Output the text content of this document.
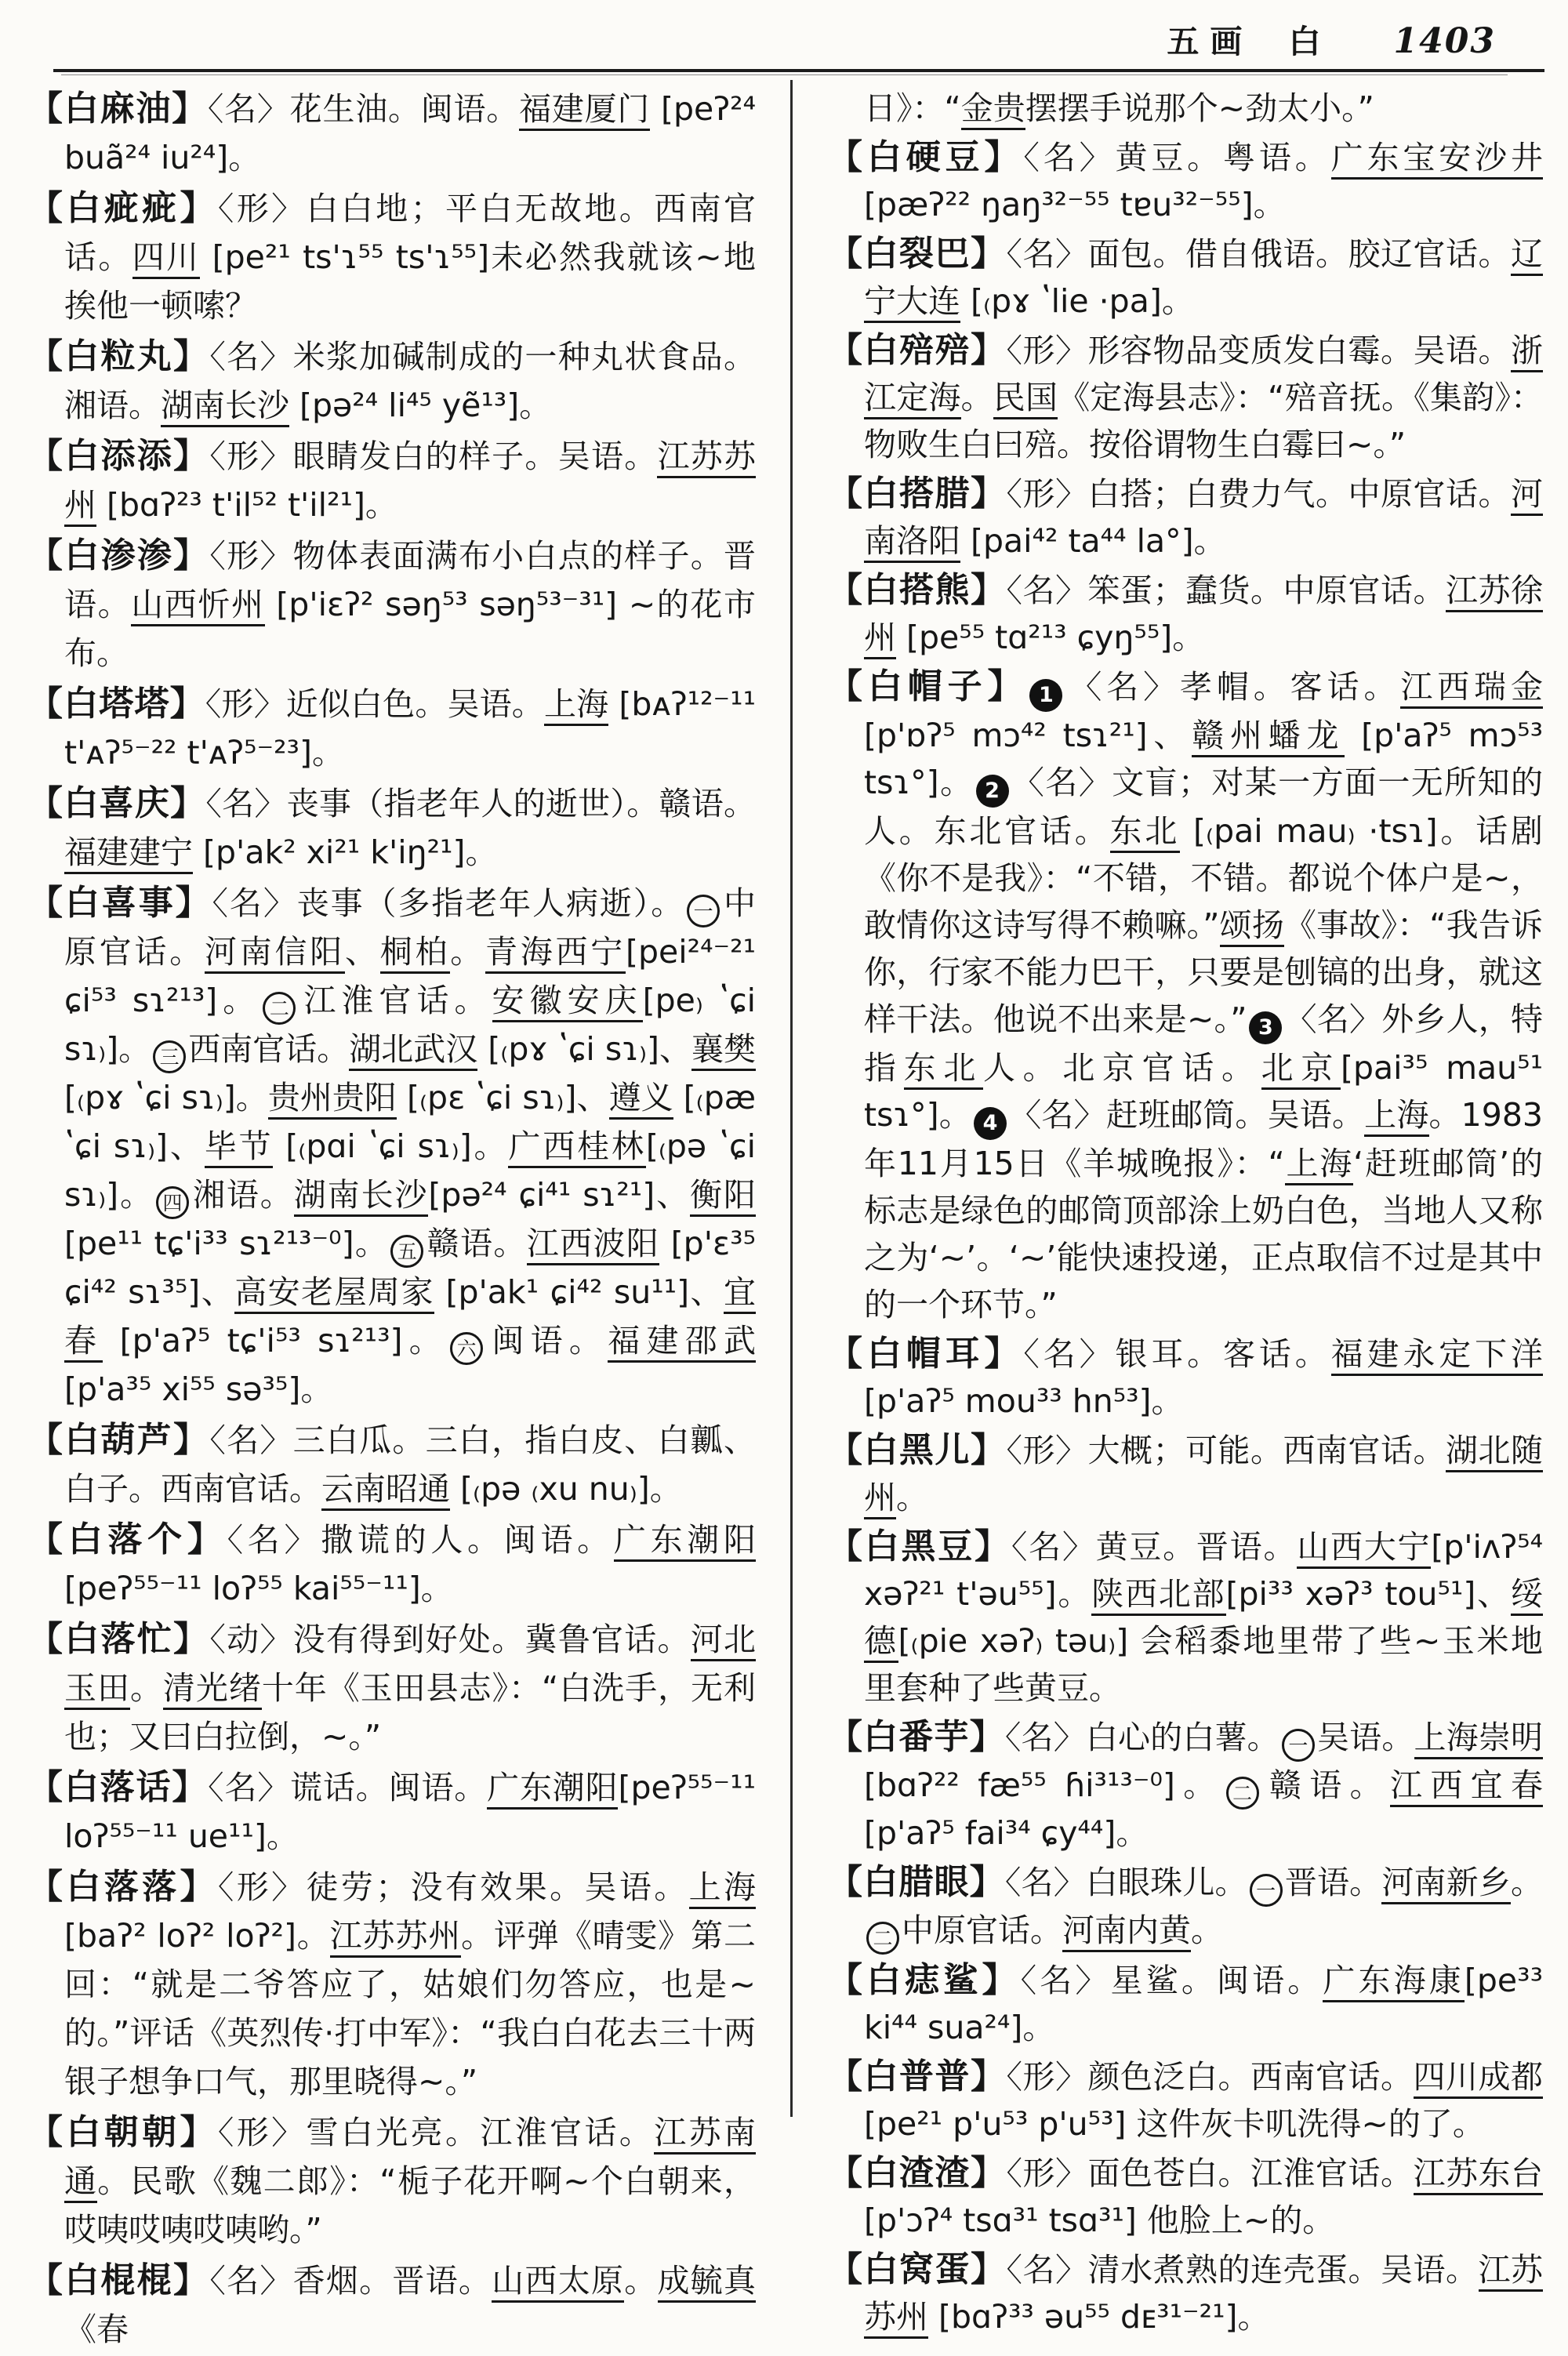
五画 白 1403
【白麻油】〈名〉花生油。闽语。福建厦门 [peʔ²⁴ buã²⁴ iu²⁴]。
【白疵疵】〈形〉白白地；平白无故地。西南官话。四川 [pe²¹ ts'ɿ⁵⁵ ts'ɿ⁵⁵]未必然我就该~地挨他一顿嗦？
【白粒丸】〈名〉米浆加碱制成的一种丸状食品。湘语。湖南长沙 [pə²⁴ li⁴⁵ yẽ¹³]。
【白添添】〈形〉眼睛发白的样子。吴语。江苏苏州 [bɑʔ²³ t'il⁵² t'il²¹]。
【白渗渗】〈形〉物体表面满布小白点的样子。晋语。山西忻州 [p'iɛʔ² səŋ⁵³ səŋ⁵³⁻³¹] ~的花市布。
【白塔塔】〈形〉近似白色。吴语。上海 [bᴀʔ¹²⁻¹¹ t'ᴀʔ⁵⁻²² t'ᴀʔ⁵⁻²³]。
【白喜庆】〈名〉丧事（指老年人的逝世）。赣语。福建建宁 [p'ak² xi²¹ k'iŋ²¹]。
【白喜事】〈名〉丧事（多指老年人病逝）。 一 中原官话。河南信阳、桐柏。青海西宁[pei²⁴⁻²¹ ɕi⁵³ sɿ²¹³]。 二 江淮官话。安徽安庆[pe₎ ʽɕi sɿ₎]。 三 西南官话。湖北武汉 [₍pɤ ʽɕi sɿ₎]、襄樊 [₍pɤ ʽɕi sɿ₎]。贵州贵阳 [₍pɛ ʽɕi sɿ₎]、遵义 [₍pæ ʽɕi sɿ₎]、毕节 [₍pɑi ʽɕi sɿ₎]。广西桂林[₍pə ʽɕi sɿ₎]。 四 湘语。湖南长沙[pə²⁴ ɕi⁴¹ sɿ²¹]、衡阳 [pe¹¹ tɕ'i³³ sɿ²¹³⁻⁰]。 五 赣语。江西波阳 [p'ɛ³⁵ ɕi⁴² sɿ³⁵]、高安老屋周家 [p'ak¹ ɕi⁴² su¹¹]、宜春 [p'aʔ⁵ tɕ'i⁵³ sɿ²¹³]。 六 闽语。福建邵武 [p'a³⁵ xi⁵⁵ sə³⁵]。
【白葫芦】〈名〉三白瓜。三白，指白皮、白瓤、白子。西南官话。云南昭通 [₍pə ₍xu nu₎]。
【白落个】〈名〉撒谎的人。闽语。广东潮阳[peʔ⁵⁵⁻¹¹ loʔ⁵⁵ kai⁵⁵⁻¹¹]。
【白落忙】〈动〉没有得到好处。冀鲁官话。河北玉田。清光绪十年《玉田县志》：“白洗手，无利也；又曰白拉倒，~。”
【白落话】〈名〉谎话。闽语。广东潮阳[peʔ⁵⁵⁻¹¹ loʔ⁵⁵⁻¹¹ ue¹¹]。
【白落落】〈形〉徒劳；没有效果。吴语。上海 [baʔ² loʔ² loʔ²]。江苏苏州。评弹《晴雯》第二回：“就是二爷答应了，姑娘们勿答应，也是~的。”评话《英烈传·打中军》：“我白白花去三十两银子想争口气，那里晓得~。”
【白朝朝】〈形〉雪白光亮。江淮官话。江苏南通。民歌《魏二郎》：“栀子花开啊~个白朝来，哎咦哎咦哎咦哟。”
【白棍棍】〈名〉香烟。晋语。山西太原。成毓真《春
日》：“金贵摆摆手说那个~劲太小。”
【白硬豆】〈名〉黄豆。粤语。广东宝安沙井 [pæʔ²² ŋaŋ³²⁻⁵⁵ tɐu³²⁻⁵⁵]。
【白裂巴】〈名〉面包。借自俄语。胶辽官话。辽宁大连 [₍pɤ ʽlie ·pa]。
【白殕殕】〈形〉形容物品变质发白霉。吴语。浙江定海。民国《定海县志》：“殕音抚。《集韵》：物败生白曰殕。按俗谓物生白霉曰~。”
【白搭腊】〈形〉白搭；白费力气。中原官话。河南洛阳 [pai⁴² ta⁴⁴ la°]。
【白搭熊】〈名〉笨蛋；蠢货。中原官话。江苏徐州 [pe⁵⁵ tɑ²¹³ ɕyŋ⁵⁵]。
【白帽子】 1 〈名〉孝帽。客话。江西瑞金 [p'ɒʔ⁵ mɔ⁴² tsɿ²¹]、赣州蟠龙 [p'aʔ⁵ mɔ⁵³ tsɿ°]。 2 〈名〉文盲；对某一方面一无所知的人。东北官话。东北 [₍pai mau₎ ·tsɿ]。话剧《你不是我》：“不错，不错。都说个体户是~，敢情你这诗写得不赖嘛。”颂扬《事故》：“我告诉你，行家不能力巴干，只要是刨镐的出身，就这样干法。他说不出来是~。” 3 〈名〉外乡人，特指东北人。北京官话。北京[pai³⁵ mau⁵¹ tsɿ°]。 4 〈名〉赶班邮筒。吴语。上海。1983年11月15日《羊城晚报》：“上海‘赶班邮筒’的标志是绿色的邮筒顶部涂上奶白色，当地人又称之为‘~’。‘~’能快速投递，正点取信不过是其中的一个环节。”
【白帽耳】〈名〉银耳。客话。福建永定下洋 [p'aʔ⁵ mou³³ hn⁵³]。
【白黑儿】〈形〉大概；可能。西南官话。湖北随州。
【白黑豆】〈名〉黄豆。晋语。山西大宁[p'iʌʔ⁵⁴ xəʔ²¹ t'əu⁵⁵]。陕西北部[pi³³ xəʔ³ tou⁵¹]、绥德[₍pie xəʔ₎ təu₎] 会稻黍地里带了些~玉米地里套种了些黄豆。
【白番芋】〈名〉白心的白薯。 一 吴语。上海崇明 [bɑʔ²² fæ⁵⁵ ɦi³¹³⁻⁰]。 二 赣语。江西宜春[p'aʔ⁵ fai³⁴ ɕy⁴⁴]。
【白腊眼】〈名〉白眼珠儿。 一 晋语。河南新乡。二 中原官话。河南内黄。
【白痣鲨】〈名〉星鲨。闽语。广东海康[pe³³ ki⁴⁴ sua²⁴]。
【白普普】〈形〉颜色泛白。西南官话。四川成都 [pe²¹ p'u⁵³ p'u⁵³] 这件灰卡叽洗得~的了。
【白渣渣】〈形〉面色苍白。江淮官话。江苏东台 [p'ɔʔ⁴ tsɑ³¹ tsɑ³¹] 他脸上~的。
【白窝蛋】〈名〉清水煮熟的连壳蛋。吴语。江苏苏州 [bɑʔ³³ əu⁵⁵ dᴇ³¹⁻²¹]。
